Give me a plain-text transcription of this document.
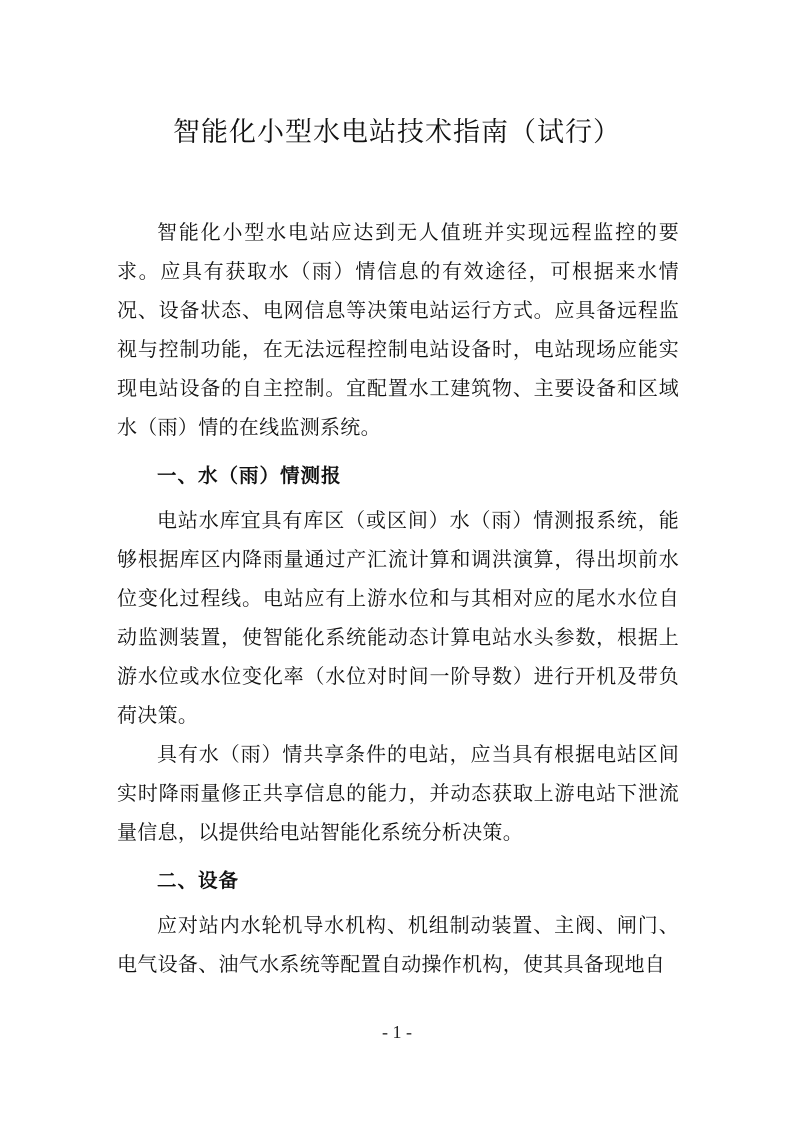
智能化小型水电站技术指南（试行）

智能化小型水电站应达到无人值班并实现远程监控的要求。应具有获取水（雨）情信息的有效途径，可根据来水情况、设备状态、电网信息等决策电站运行方式。应具备远程监视与控制功能，在无法远程控制电站设备时，电站现场应能实现电站设备的自主控制。宜配置水工建筑物、主要设备和区域水（雨）情的在线监测系统。

一、水（雨）情测报

电站水库宜具有库区（或区间）水（雨）情测报系统，能够根据库区内降雨量通过产汇流计算和调洪演算，得出坝前水位变化过程线。电站应有上游水位和与其相对应的尾水水位自动监测装置，使智能化系统能动态计算电站水头参数，根据上游水位或水位变化率（水位对时间一阶导数）进行开机及带负荷决策。

具有水（雨）情共享条件的电站，应当具有根据电站区间实时降雨量修正共享信息的能力，并动态获取上游电站下泄流量信息，以提供给电站智能化系统分析决策。

二、设备

应对站内水轮机导水机构、机组制动装置、主阀、闸门、电气设备、油气水系统等配置自动操作机构，使其具备现地自

- 1 -
